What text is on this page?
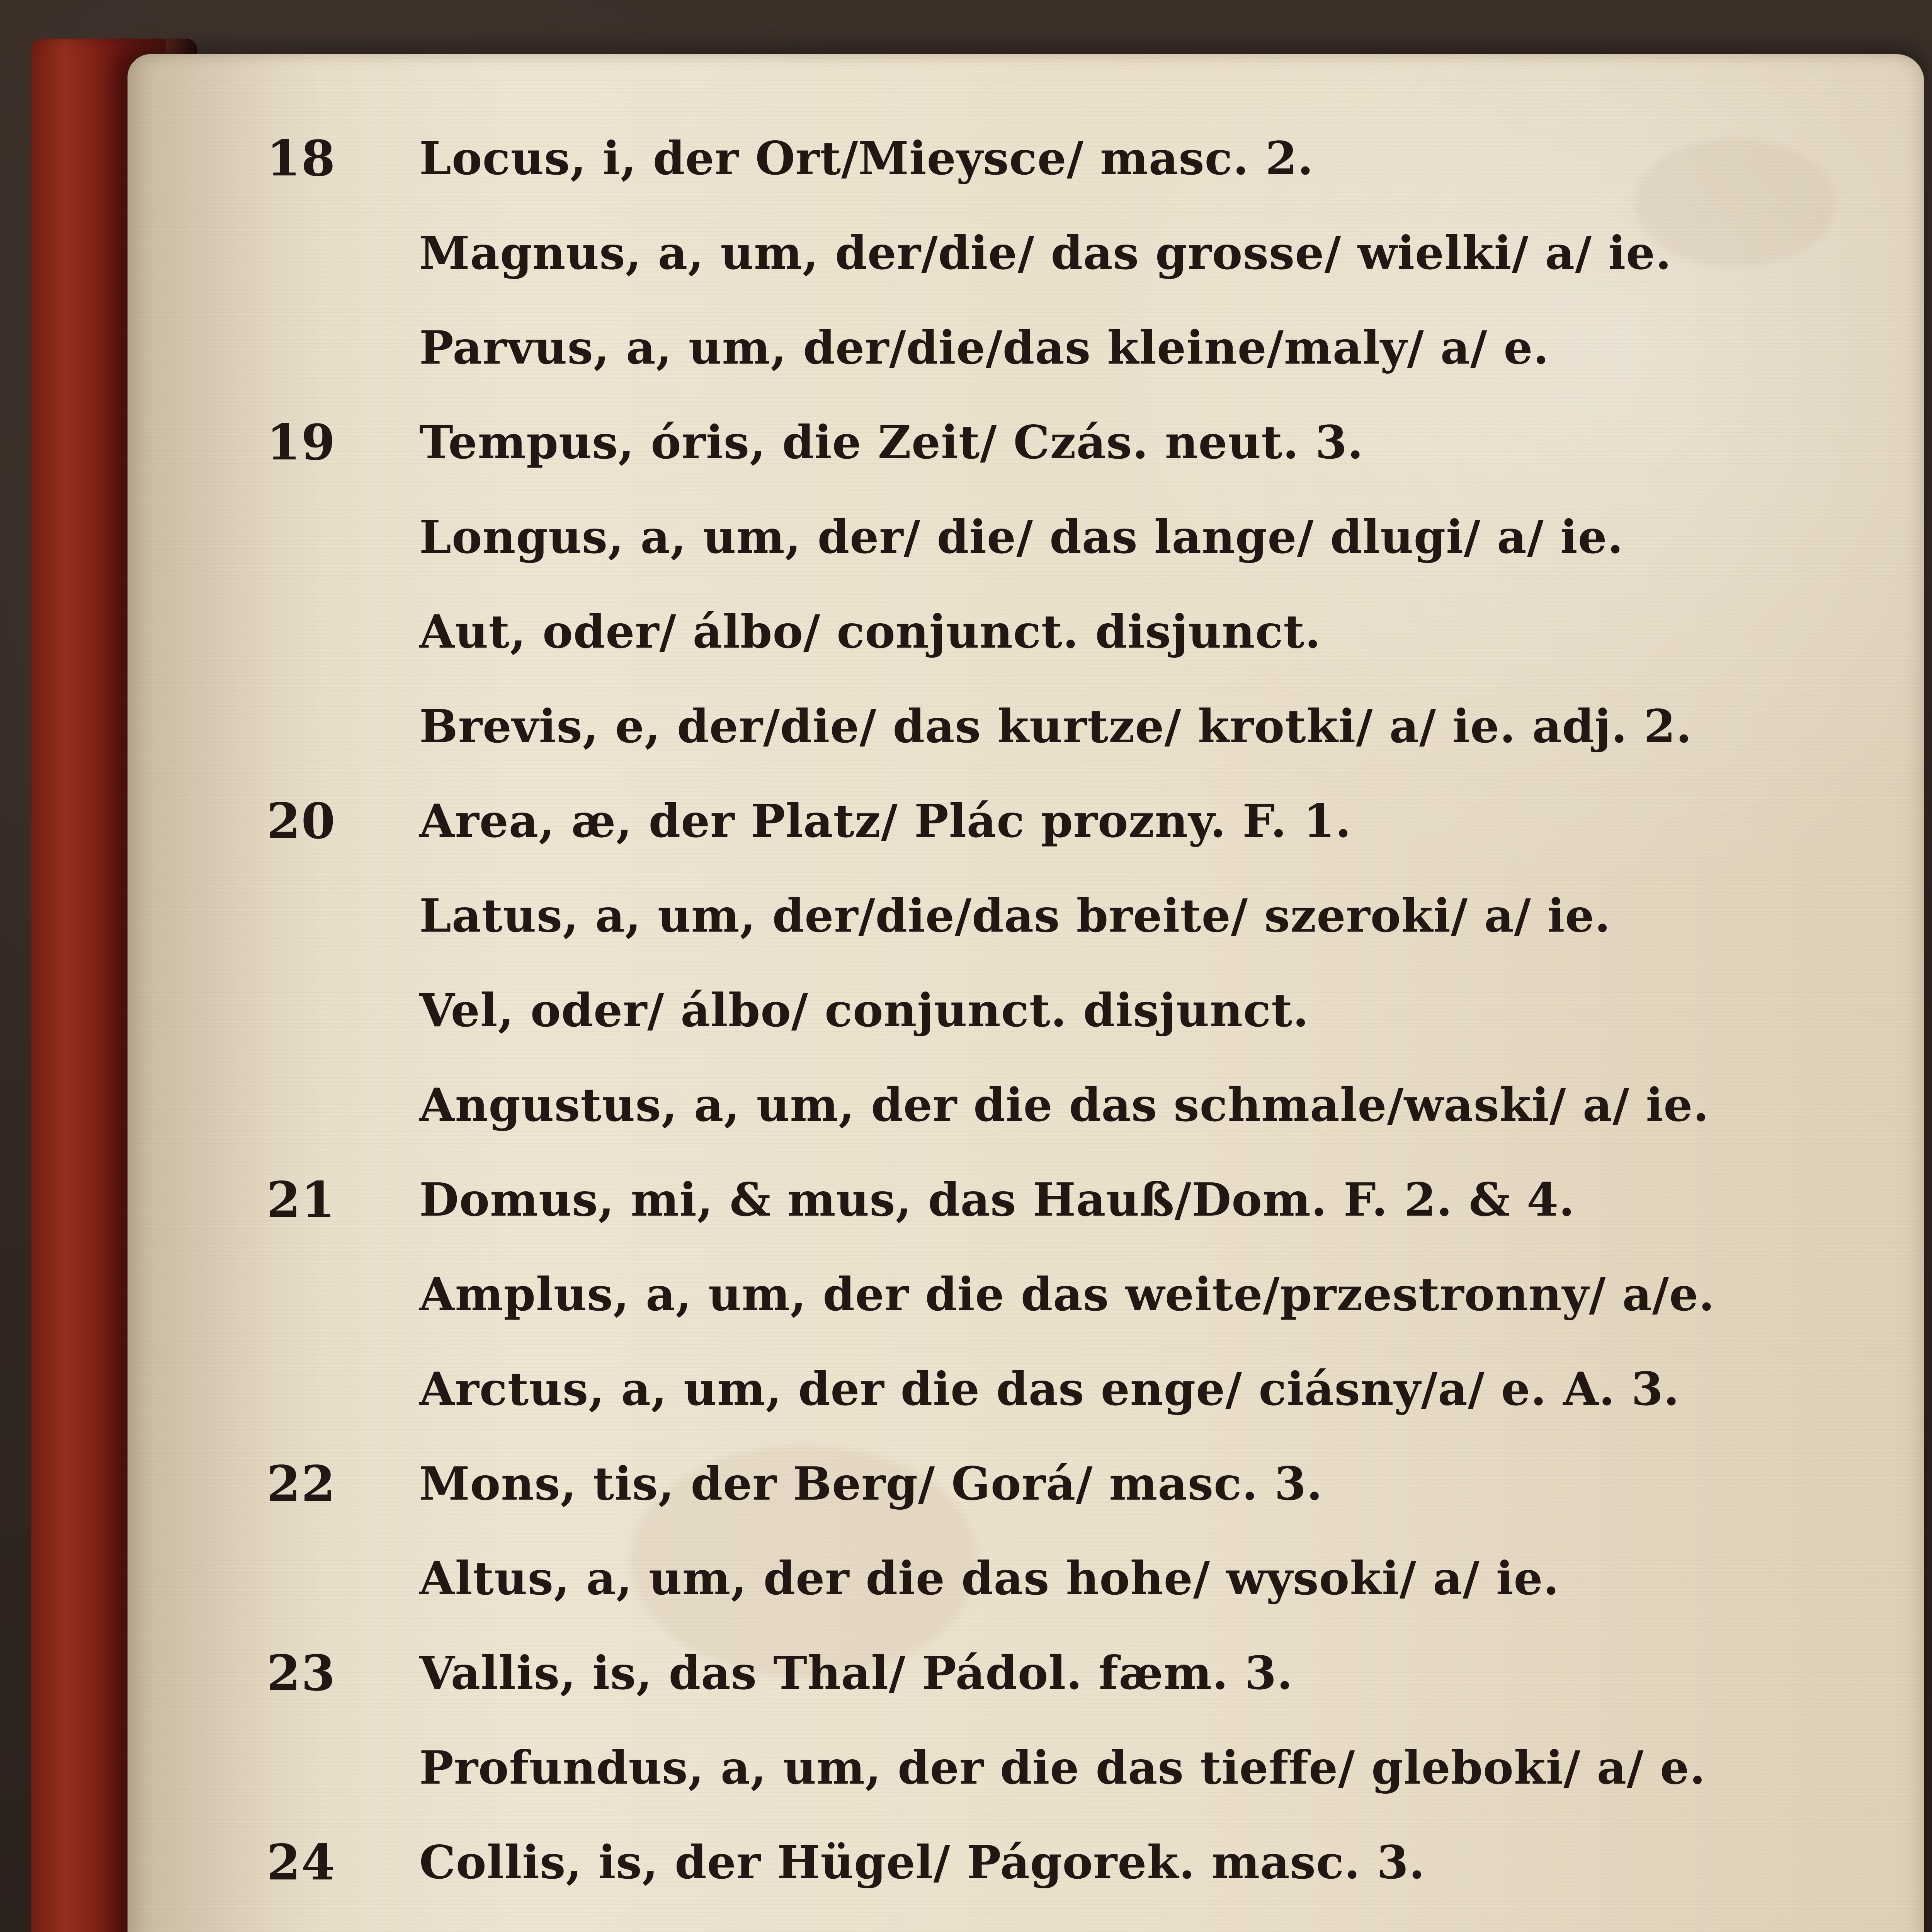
18	Locus, i, der Ort/Mieysce/ masc. 2.
Magnus, a, um, der/die/ das grosse/ wielki/ a/ ie.
Parvus, a, um, der/die/das kleine/maly/ a/ e.
19	Tempus, óris, die Zeit/ Czás. neut. 3.
Longus, a, um, der/ die/ das lange/ dlugi/ a/ ie.
Aut, oder/ álbo/ conjunct. disjunct.
Brevis, e, der/die/ das kurtze/ krotki/ a/ ie. adj. 2.
20	Area, æ, der Platz/ Plác prozny. F. 1.
Latus, a, um, der/die/das breite/ szeroki/ a/ ie.
Vel, oder/ álbo/ conjunct. disjunct.
Angustus, a, um, der die das schmale/waski/ a/ ie.
21	Domus, mi, & mus, das Hauß/Dom. F. 2. & 4.
Amplus, a, um, der die das weite/przestronny/ a/e.
Arctus, a, um, der die das enge/ ciásny/a/ e. A. 3.
22	Mons, tis, der Berg/ Gorá/ masc. 3.
Altus, a, um, der die das hohe/ wysoki/ a/ ie.
23	Vallis, is, das Thal/ Pádol. fæm. 3.
Profundus, a, um, der die das tieffe/ gleboki/ a/ e.
24	Collis, is, der Hügel/ Págorek. masc. 3.
